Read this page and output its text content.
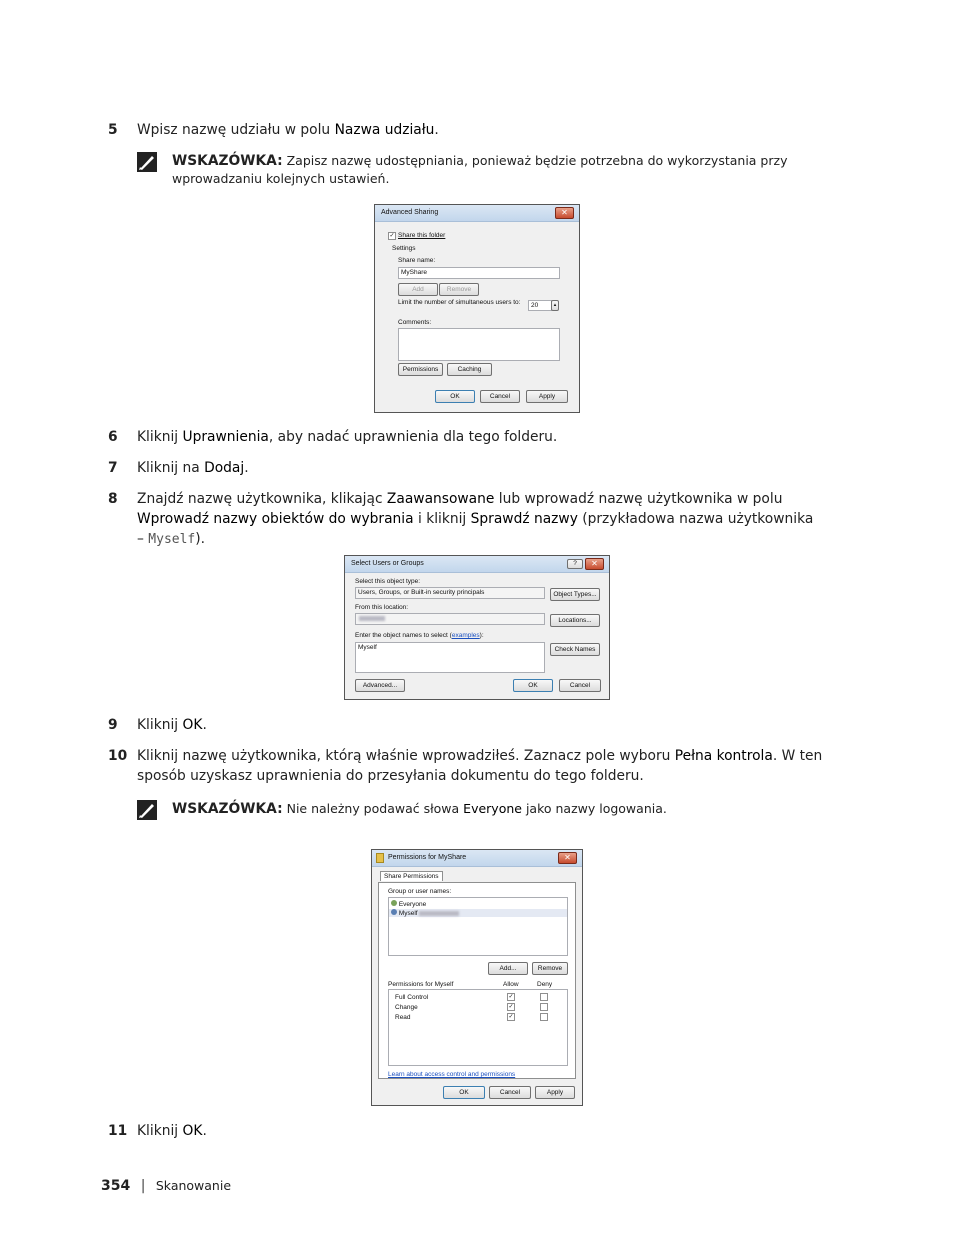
5 Wpisz nazwę udziału w polu Nazwa udziału.
WSKAZÓWKA: Zapisz nazwę udostępniania, ponieważ będzie potrzebna do wykorzystania przy wprowadzaniu kolejnych ustawień.
Advanced Sharing	✕
✓ Share this folder
Settings
Share name:
MyShare
Add	Remove
Limit the number of simultaneous users to: 20	▴
Comments:
Permissions	Caching
OK	Cancel	Apply
6 Kliknij Uprawnienia, aby nadać uprawnienia dla tego folderu.
7 Kliknij na Dodaj.
8 Znajdź nazwę użytkownika, klikając Zaawansowane lub wprowadź nazwę użytkownika w polu Wprowadź nazwy obiektów do wybrania i kliknij Sprawdź nazwy (przykładowa nazwa użytkownika
– Myself).
Select Users or Groups	?	✕
Select this object type:
Users, Groups, or Built-in security principals	Object Types...
From this location:
Locations...
Enter the object names to select (examples):
Myself	Check Names
Advanced...	OK	Cancel
9 Kliknij OK.
10 Kliknij nazwę użytkownika, którą właśnie wprowadziłeś. Zaznacz pole wyboru Pełna kontrola. W ten sposób uzyskasz uprawnienia do przesyłania dokumentu do tego folderu.
WSKAZÓWKA: Nie należny podawać słowa Everyone jako nazwy logowania.
Permissions for MyShare	✕
Share Permissions
Group or user names:
Everyone
Myself
Add...	Remove
Permissions for Myself	Allow	Deny
Full Control	✓
Change	✓
Read	✓
Learn about access control and permissions
OK	Cancel	Apply
11 Kliknij OK.
354 | Skanowanie
